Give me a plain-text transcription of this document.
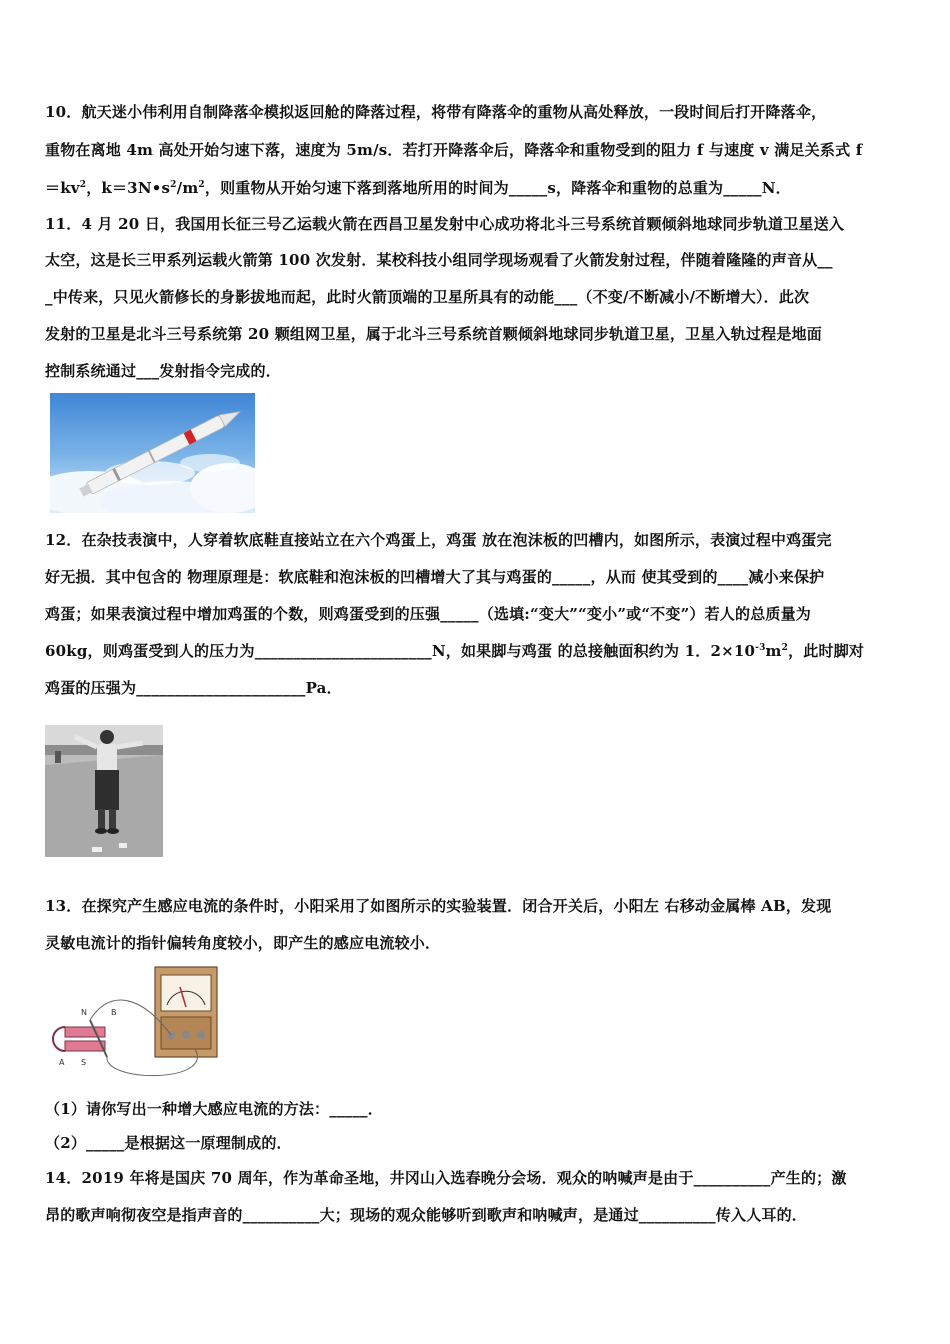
10．航天迷小伟利用自制降落伞模拟返回舱的降落过程，将带有降落伞的重物从高处释放，一段时间后打开降落伞，
重物在离地 4m 高处开始匀速下落，速度为 5m/s．若打开降落伞后，降落伞和重物受到的阻力 f 与速度 v 满足关系式 f
$=kv^2$，$k=3N•s^2/m^2$，则重物从开始匀速下落到落地所用的时间为_____s，降落伞和重物的总重为_____N．
11．4 月 20 日，我国用长征三号乙运载火箭在西昌卫星发射中心成功将北斗三号系统首颗倾斜地球同步轨道卫星送入
太空，这是长三甲系列运载火箭第 100 次发射．某校科技小组同学现场观看了火箭发射过程，伴随着隆隆的声音从__
_中传来，只见火箭修长的身影拔地而起，此时火箭顶端的卫星所具有的动能___（不变/不断减小/不断增大）．此次
发射的卫星是北斗三号系统第 20 颗组网卫星，属于北斗三号系统首颗倾斜地球同步轨道卫星，卫星入轨过程是地面
控制系统通过___发射指令完成的．
12．在杂技表演中，人穿着软底鞋直接站立在六个鸡蛋上，鸡蛋 放在泡沫板的凹槽内，如图所示，表演过程中鸡蛋完
好无损．其中包含的 物理原理是：软底鞋和泡沫板的凹槽增大了其与鸡蛋的_____，从而 使其受到的____减小来保护
鸡蛋；如果表演过程中增加鸡蛋的个数，则鸡蛋受到的压强_____（选填:“变大”“变小”或“不变”）若人的总质量为
60kg，则鸡蛋受到人的压力为_______________________N，如果脚与鸡蛋 的总接触面积约为 1．$2\times 10^{-3}m^2$，此时脚对
鸡蛋的压强为______________________Pa．
13．在探究产生感应电流的条件时，小阳采用了如图所示的实验装置．闭合开关后，小阳左 右移动金属棒 AB，发现
灵敏电流计的指针偏转角度较小，即产生的感应电流较小．
N	B
A S
（1）请你写出一种增大感应电流的方法：_____．
（2）_____是根据这一原理制成的．
14．2019 年将是国庆 70 周年，作为革命圣地，井冈山入选春晚分会场．观众的呐喊声是由于__________产生的；激
昂的歌声响彻夜空是指声音的__________大；现场的观众能够听到歌声和呐喊声，是通过__________传入人耳的．
